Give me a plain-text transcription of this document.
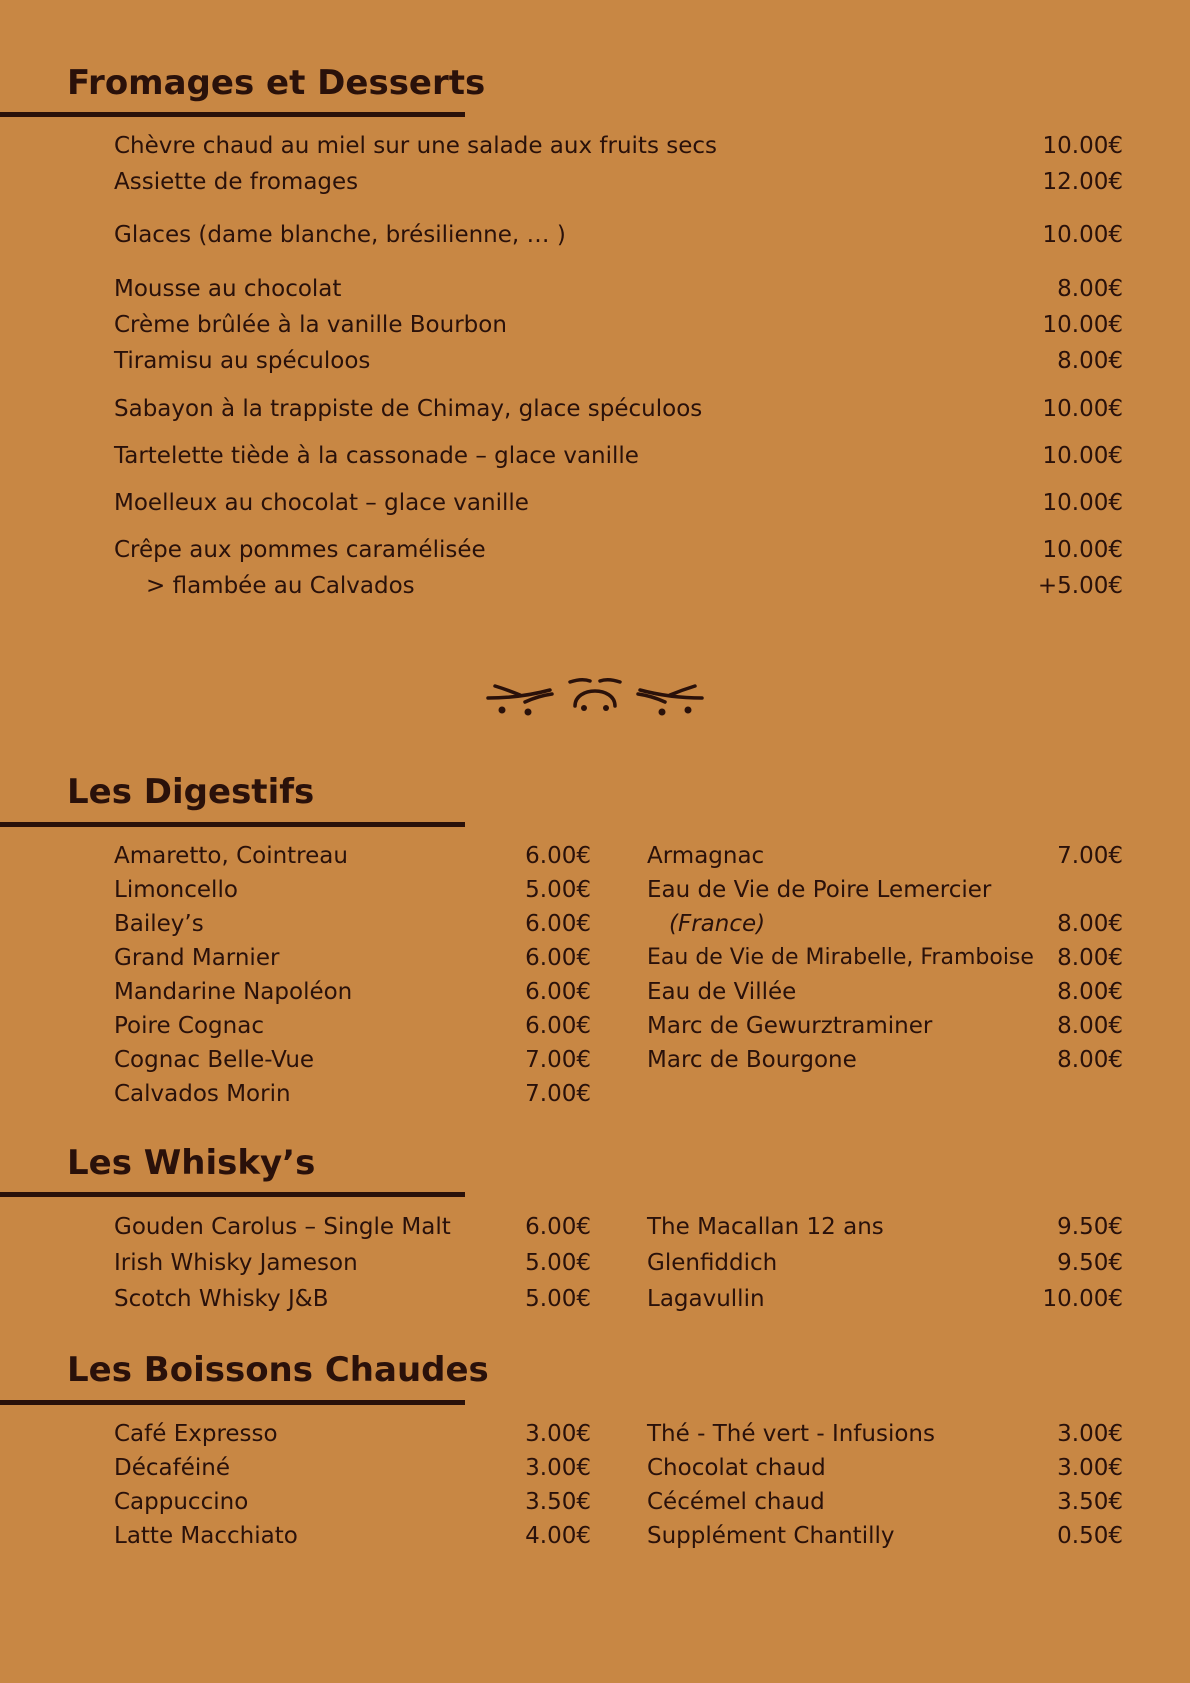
Fromages et Desserts
Chèvre chaud au miel sur une salade aux fruits secs	10.00€
Assiette de fromages	12.00€
Glaces (dame blanche, brésilienne, … )	10.00€
Mousse au chocolat	8.00€
Crème brûlée à la vanille Bourbon	10.00€
Tiramisu au spéculoos	8.00€
Sabayon à la trappiste de Chimay, glace spéculoos	10.00€
Tartelette tiède à la cassonade – glace vanille	10.00€
Moelleux au chocolat – glace vanille	10.00€
Crêpe aux pommes caramélisée	10.00€
> flambée au Calvados	+5.00€
Les Digestifs
Amaretto, Cointreau	6.00€
Limoncello	5.00€
Bailey’s	6.00€
Grand Marnier	6.00€
Mandarine Napoléon	6.00€
Poire Cognac	6.00€
Cognac Belle-Vue	7.00€
Calvados Morin	7.00€
Armagnac	7.00€
Eau de Vie de Poire Lemercier
(France)	8.00€
Eau de Vie de Mirabelle, Framboise	8.00€
Eau de Villée	8.00€
Marc de Gewurztraminer	8.00€
Marc de Bourgone	8.00€
Les Whisky’s
Gouden Carolus – Single Malt	6.00€
Irish Whisky Jameson	5.00€
Scotch Whisky J&B	5.00€
The Macallan 12 ans	9.50€
Glenfiddich	9.50€
Lagavullin	10.00€
Les Boissons Chaudes
Café Expresso	3.00€
Décaféiné	3.00€
Cappuccino	3.50€
Latte Macchiato	4.00€
Thé - Thé vert - Infusions	3.00€
Chocolat chaud	3.00€
Cécémel chaud	3.50€
Supplément Chantilly	0.50€
